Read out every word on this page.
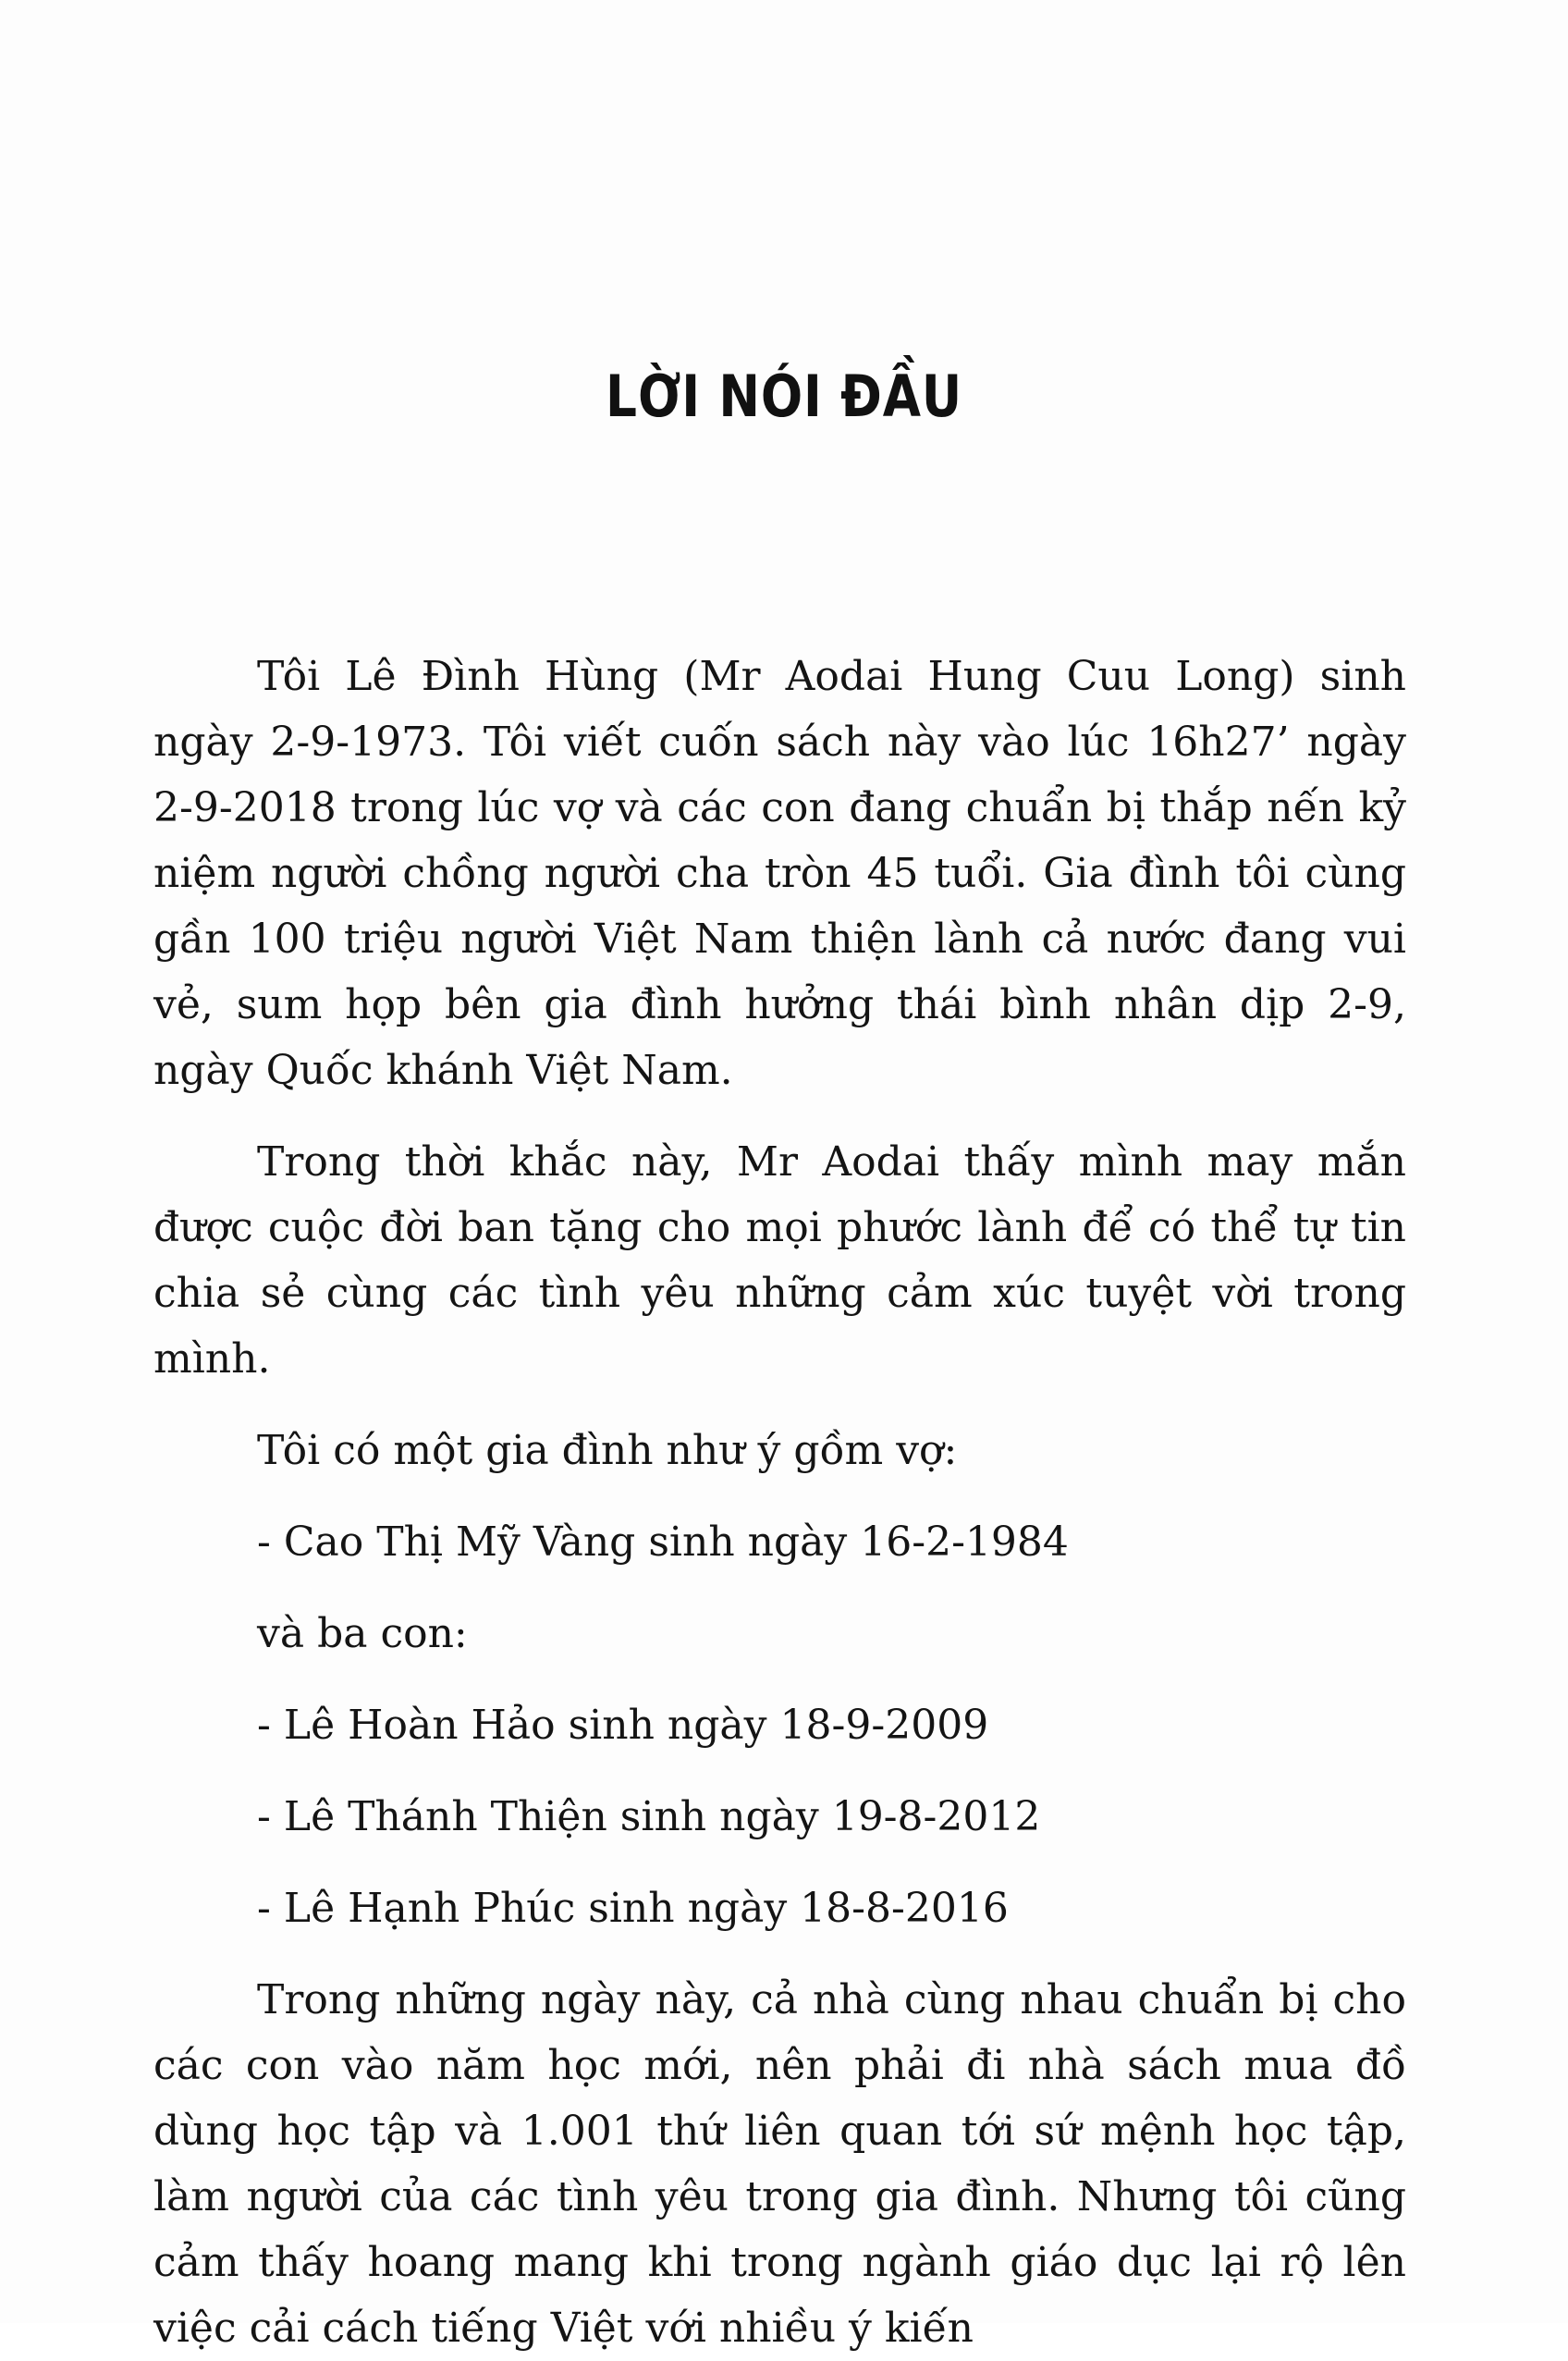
LỜI NÓI ĐẦU

Tôi Lê Đình Hùng (Mr Aodai Hung Cuu Long) sinh ngày 2-9-1973. Tôi viết cuốn sách này vào lúc 16h27’ ngày 2-9-2018 trong lúc vợ và các con đang chuẩn bị thắp nến kỷ niệm người chồng người cha tròn 45 tuổi. Gia đình tôi cùng gần 100 triệu người Việt Nam thiện lành cả nước đang vui vẻ, sum họp bên gia đình hưởng thái bình nhân dịp 2-9, ngày Quốc khánh Việt Nam.

Trong thời khắc này, Mr Aodai thấy mình may mắn được cuộc đời ban tặng cho mọi phước lành để có thể tự tin chia sẻ cùng các tình yêu những cảm xúc tuyệt vời trong mình.

Tôi có một gia đình như ý gồm vợ:

- Cao Thị Mỹ Vàng sinh ngày 16-2-1984

và ba con:

- Lê Hoàn Hảo sinh ngày 18-9-2009

- Lê Thánh Thiện sinh ngày 19-8-2012

- Lê Hạnh Phúc sinh ngày 18-8-2016

Trong những ngày này, cả nhà cùng nhau chuẩn bị cho các con vào năm học mới, nên phải đi nhà sách mua đồ dùng học tập và 1.001 thứ liên quan tới sứ mệnh học tập, làm người của các tình yêu trong gia đình. Nhưng tôi cũng cảm thấy hoang mang khi trong ngành giáo dục lại rộ lên việc cải cách tiếng Việt với nhiều ý kiến
